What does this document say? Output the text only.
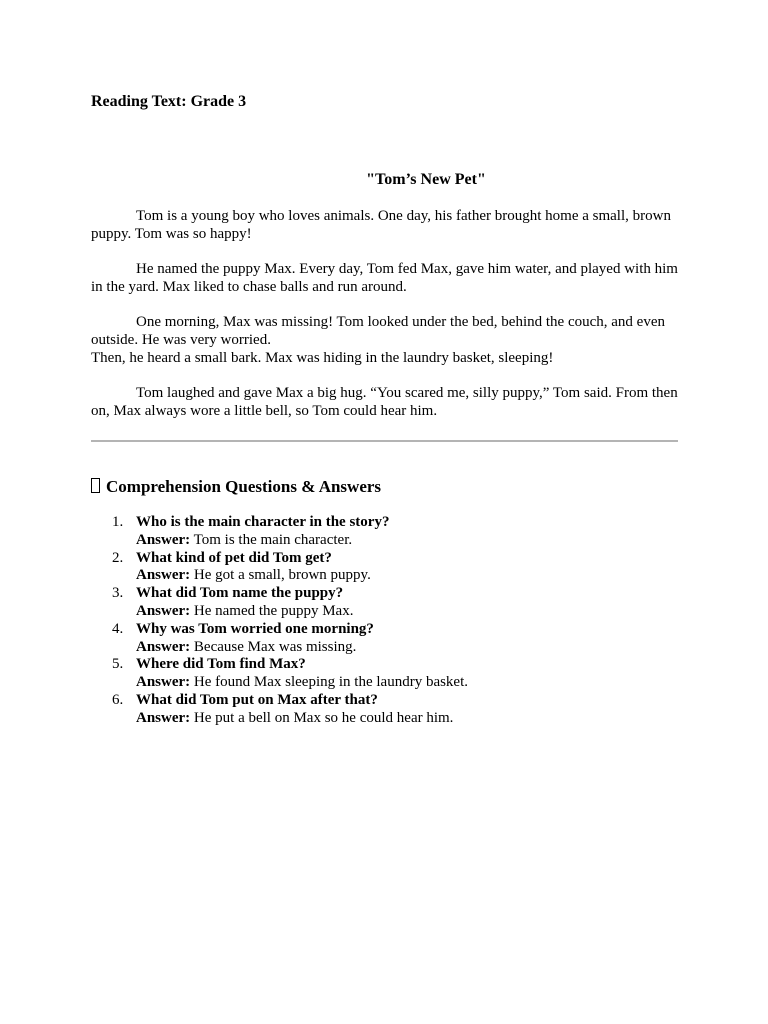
Reading Text: Grade 3
"Tom’s New Pet"

Tom is a young boy who loves animals. One day, his father brought home a small, brown puppy. Tom was so happy!

He named the puppy Max. Every day, Tom fed Max, gave him water, and played with him in the yard. Max liked to chase balls and run around.

One morning, Max was missing! Tom looked under the bed, behind the couch, and even outside. He was very worried.
Then, he heard a small bark. Max was hiding in the laundry basket, sleeping!

Tom laughed and gave Max a big hug. “You scared me, silly puppy,” Tom said. From then on, Max always wore a little bell, so Tom could hear him.

Comprehension Questions & Answers
1. Who is the main character in the story?
Answer: Tom is the main character.
2. What kind of pet did Tom get?
Answer: He got a small, brown puppy.
3. What did Tom name the puppy?
Answer: He named the puppy Max.
4. Why was Tom worried one morning?
Answer: Because Max was missing.
5. Where did Tom find Max?
Answer: He found Max sleeping in the laundry basket.
6. What did Tom put on Max after that?
Answer: He put a bell on Max so he could hear him.
